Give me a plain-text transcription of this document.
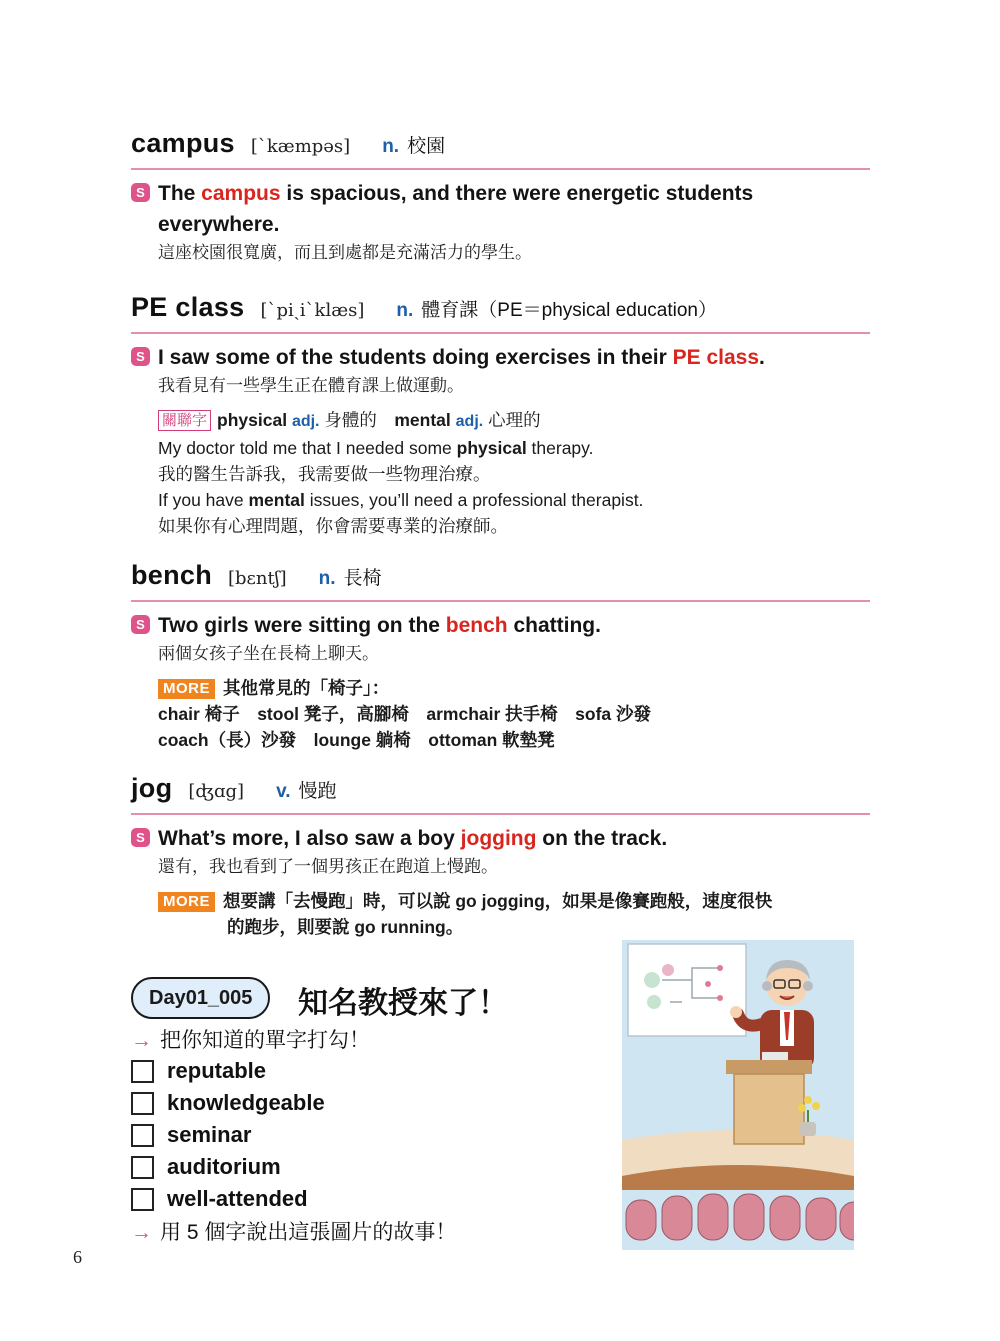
campus [ˋkæmpəs] n. 校園
S The campus is spacious, and there were energetic students everywhere.
這座校園很寬廣，而且到處都是充滿活力的學生。
PE class [ˋpiˏiˋklæs] n. 體育課（PE＝physical education）
S I saw some of the students doing exercises in their PE class.
我看見有一些學生正在體育課上做運動。
關聯字 physical adj. 身體的　 mental adj. 心理的
My doctor told me that I needed some physical therapy.
我的醫生告訴我，我需要做一些物理治療。
If you have mental issues, you’ll need a professional therapist.
如果你有心理問題，你會需要專業的治療師。
bench [bɛntʃ] n. 長椅
S Two girls were sitting on the bench chatting.
兩個女孩子坐在長椅上聊天。
MORE 其他常見的「椅子」：
chair 椅子　stool 凳子，高腳椅　armchair 扶手椅　sofa 沙發
coach（長）沙發　lounge 躺椅　ottoman 軟墊凳
jog [ʤɑg] v. 慢跑
S What’s more, I also saw a boy jogging on the track.
還有，我也看到了一個男孩正在跑道上慢跑。
MORE 想要講「去慢跑」時，可以說 go jogging，如果是像賽跑般，速度很快
的跑步，則要說 go running。
Day01_005	知名教授來了！
→ 把你知道的單字打勾！
reputable
knowledgeable
seminar
auditorium
well-attended
→ 用 5 個字說出這張圖片的故事！
6
